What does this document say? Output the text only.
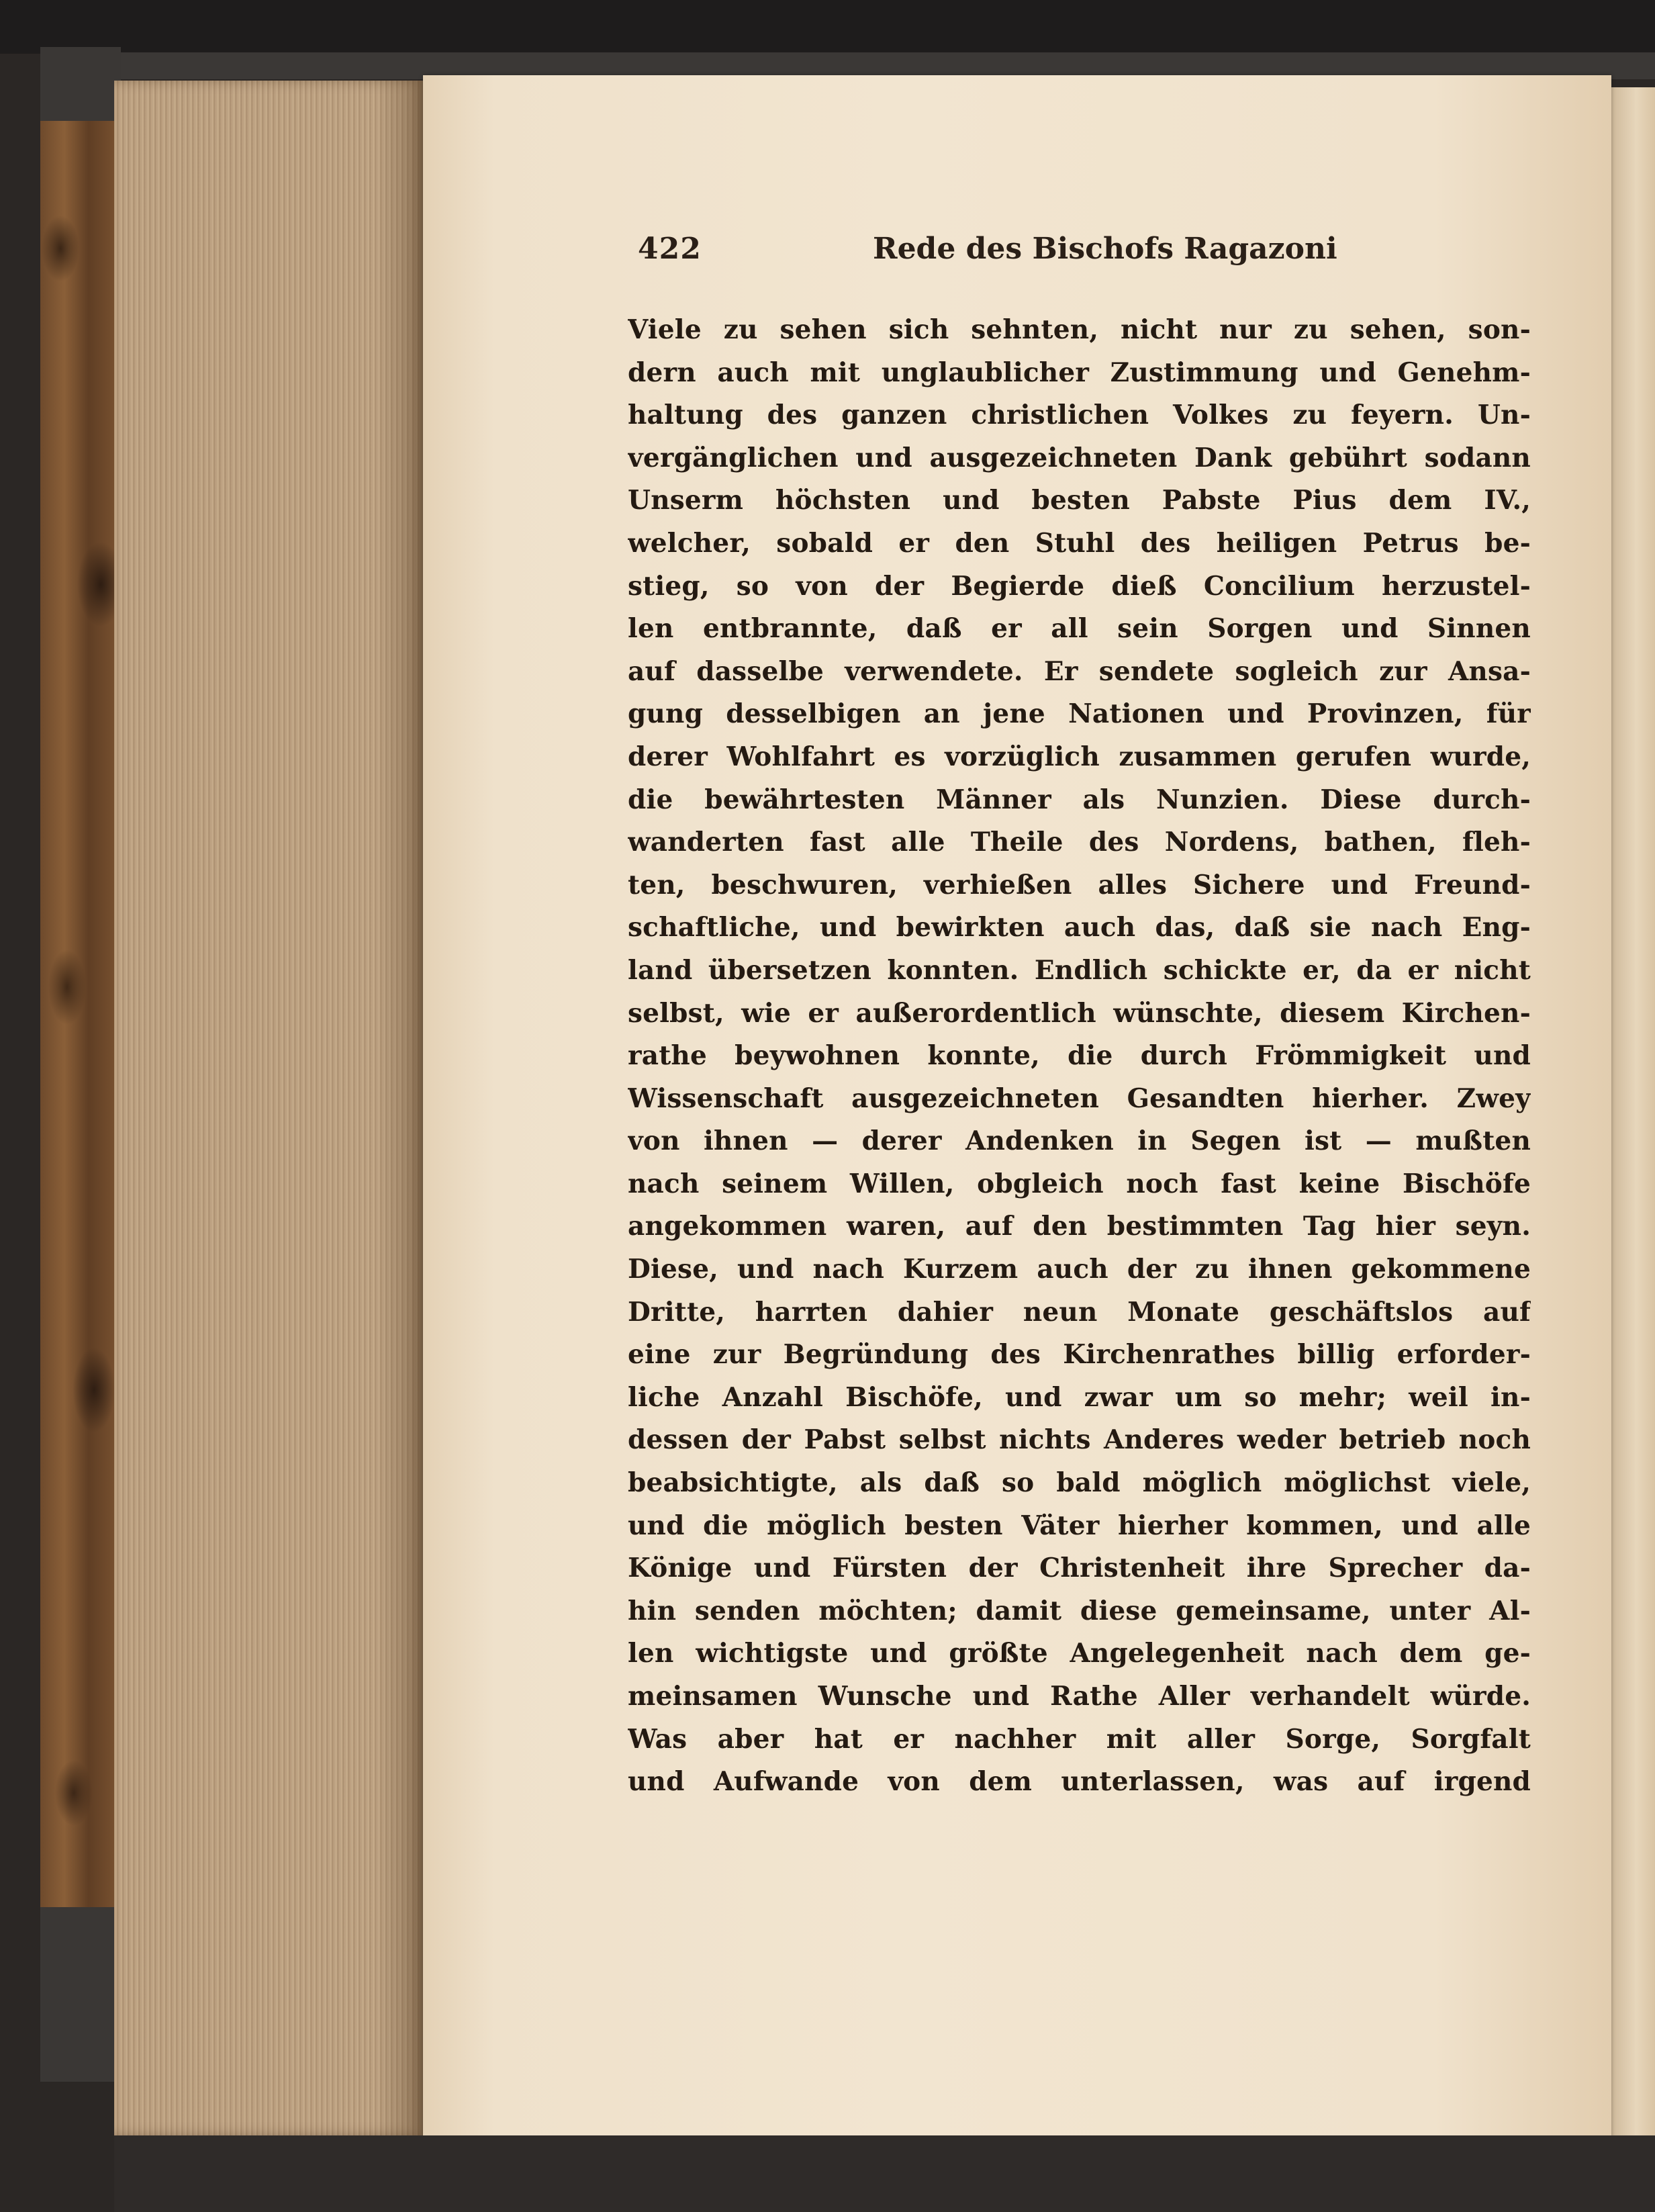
422	Rede des Bischofs Ragazoni
Viele zu sehen sich sehnten, nicht nur zu sehen, son-
dern auch mit unglaublicher Zustimmung und Genehm-
haltung des ganzen christlichen Volkes zu feyern. Un-
vergänglichen und ausgezeichneten Dank gebührt sodann
Unserm höchsten und besten Pabste Pius dem IV.,
welcher, sobald er den Stuhl des heiligen Petrus be-
stieg, so von der Begierde dieß Concilium herzustel-
len entbrannte, daß er all sein Sorgen und Sinnen
auf dasselbe verwendete. Er sendete sogleich zur Ansa-
gung desselbigen an jene Nationen und Provinzen, für
derer Wohlfahrt es vorzüglich zusammen gerufen wurde,
die bewährtesten Männer als Nunzien. Diese durch-
wanderten fast alle Theile des Nordens, bathen, fleh-
ten, beschwuren, verhießen alles Sichere und Freund-
schaftliche, und bewirkten auch das, daß sie nach Eng-
land übersetzen konnten. Endlich schickte er, da er nicht
selbst, wie er außerordentlich wünschte, diesem Kirchen-
rathe beywohnen konnte, die durch Frömmigkeit und
Wissenschaft ausgezeichneten Gesandten hierher. Zwey
von ihnen — derer Andenken in Segen ist — mußten
nach seinem Willen, obgleich noch fast keine Bischöfe
angekommen waren, auf den bestimmten Tag hier seyn.
Diese, und nach Kurzem auch der zu ihnen gekommene
Dritte, harrten dahier neun Monate geschäftslos auf
eine zur Begründung des Kirchenrathes billig erforder-
liche Anzahl Bischöfe, und zwar um so mehr; weil in-
dessen der Pabst selbst nichts Anderes weder betrieb noch
beabsichtigte, als daß so bald möglich möglichst viele,
und die möglich besten Väter hierher kommen, und alle
Könige und Fürsten der Christenheit ihre Sprecher da-
hin senden möchten; damit diese gemeinsame, unter Al-
len wichtigste und größte Angelegenheit nach dem ge-
meinsamen Wunsche und Rathe Aller verhandelt würde.
Was aber hat er nachher mit aller Sorge, Sorgfalt
und Aufwande von dem unterlassen, was auf irgend
